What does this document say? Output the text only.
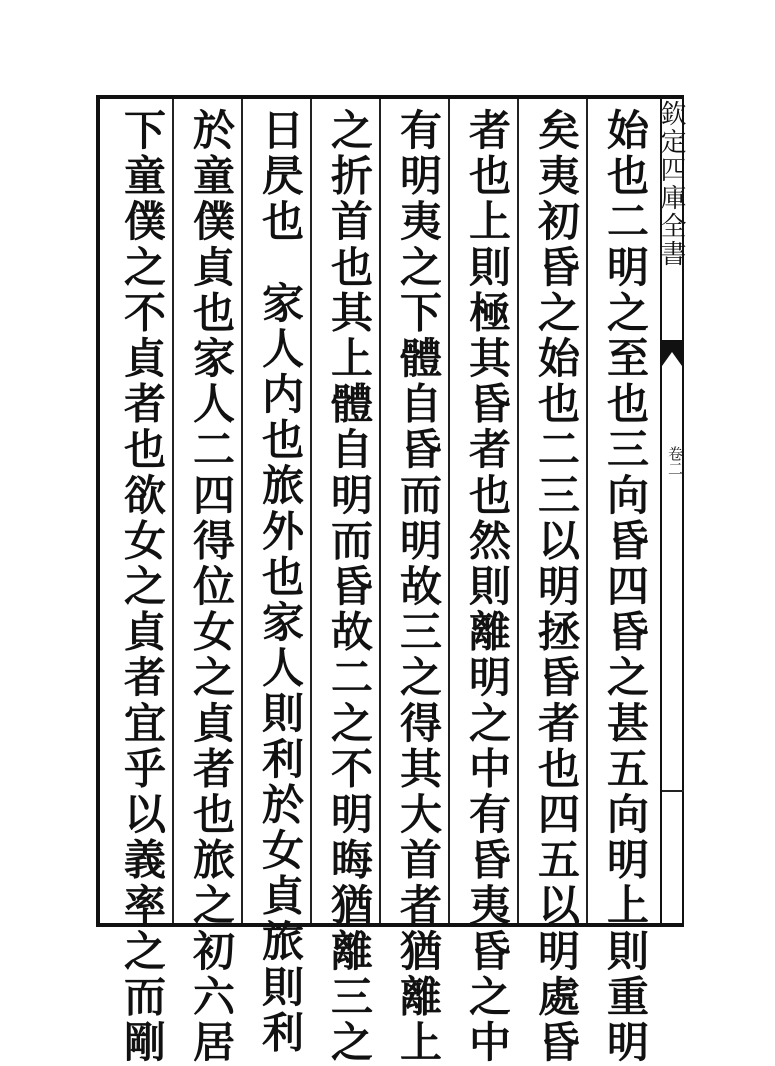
欽定四庫全書
卷二
始也二明之至也三向昏四昏之甚五向明上則重明
矣夷初昏之始也二三以明拯昏者也四五以明處昏
者也上則極其昏者也然則離明之中有昏夷昏之中
有明夷之下體自昏而明故三之得其大首者猶離上
之折首也其上體自明而昏故二之不明晦猶離三之
日昃也家人内也旅外也家人則利於女貞旅則利
於童僕貞也家人二四得位女之貞者也旅之初六居
下童僕之不貞者也欲女之貞者宜乎以義率之而剛
